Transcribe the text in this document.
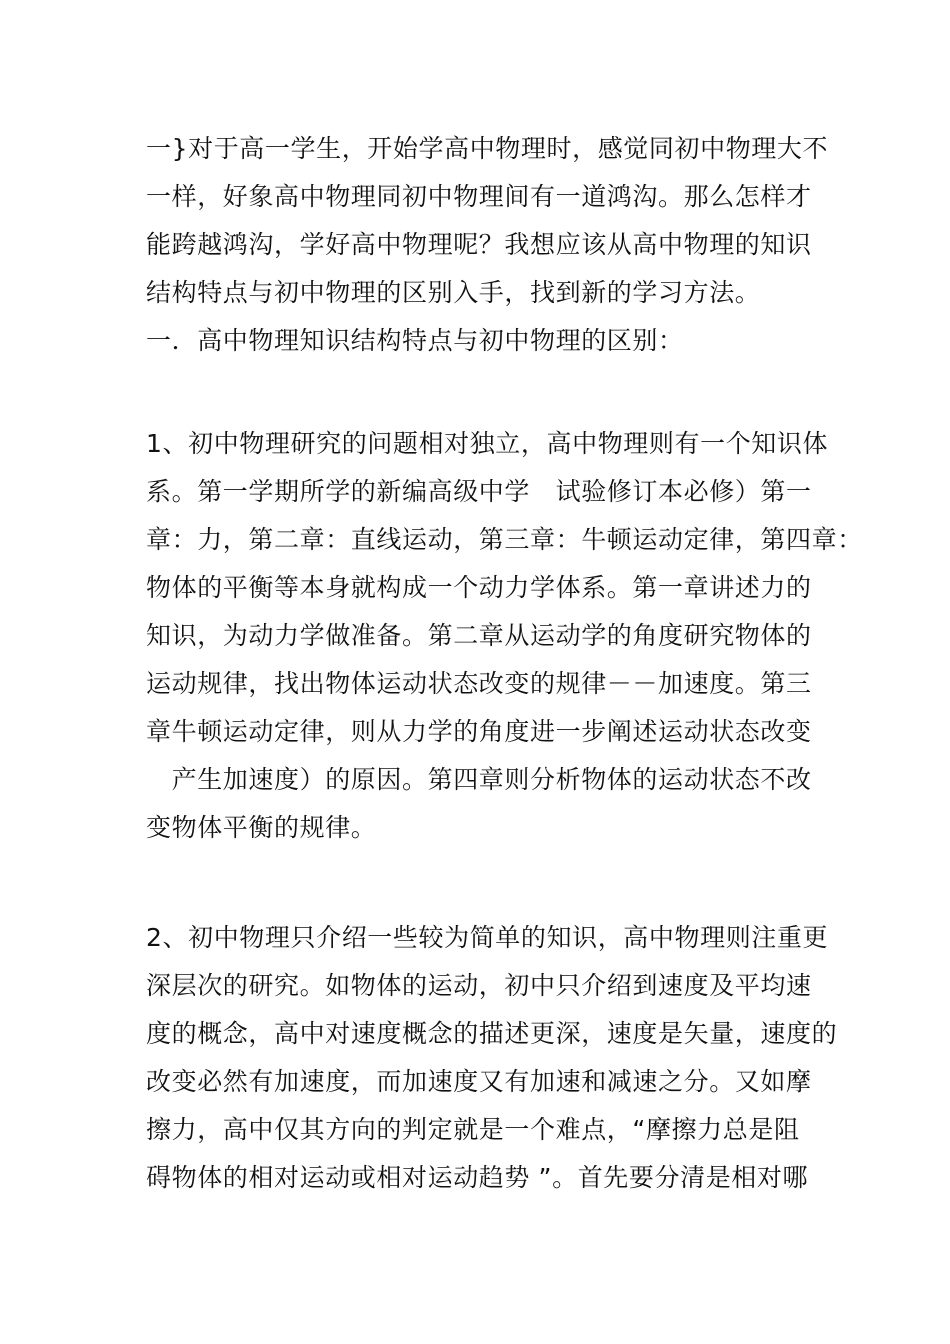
一}对于高一学生，开始学高中物理时，感觉同初中物理大不
一样，好象高中物理同初中物理间有一道鸿沟。那么怎样才
能跨越鸿沟，学好高中物理呢？我想应该从高中物理的知识
结构特点与初中物理的区别入手，找到新的学习方法。
一．高中物理知识结构特点与初中物理的区别：
1、初中物理研究的问题相对独立，高中物理则有一个知识体
系。第一学期所学的新编高级中学　试验修订本必修）第一
章：力，第二章：直线运动，第三章：牛顿运动定律，第四章：
物体的平衡等本身就构成一个动力学体系。第一章讲述力的
知识，为动力学做准备。第二章从运动学的角度研究物体的
运动规律，找出物体运动状态改变的规律－－加速度。第三
章牛顿运动定律，则从力学的角度进一步阐述运动状态改变
　产生加速度）的原因。第四章则分析物体的运动状态不改
变物体平衡的规律。
2、初中物理只介绍一些较为简单的知识，高中物理则注重更
深层次的研究。如物体的运动，初中只介绍到速度及平均速
度的概念，高中对速度概念的描述更深，速度是矢量，速度的
改变必然有加速度，而加速度又有加速和减速之分。又如摩
擦力，高中仅其方向的判定就是一个难点，“摩擦力总是阻
碍物体的相对运动或相对运动趋势 ”。首先要分清是相对哪
